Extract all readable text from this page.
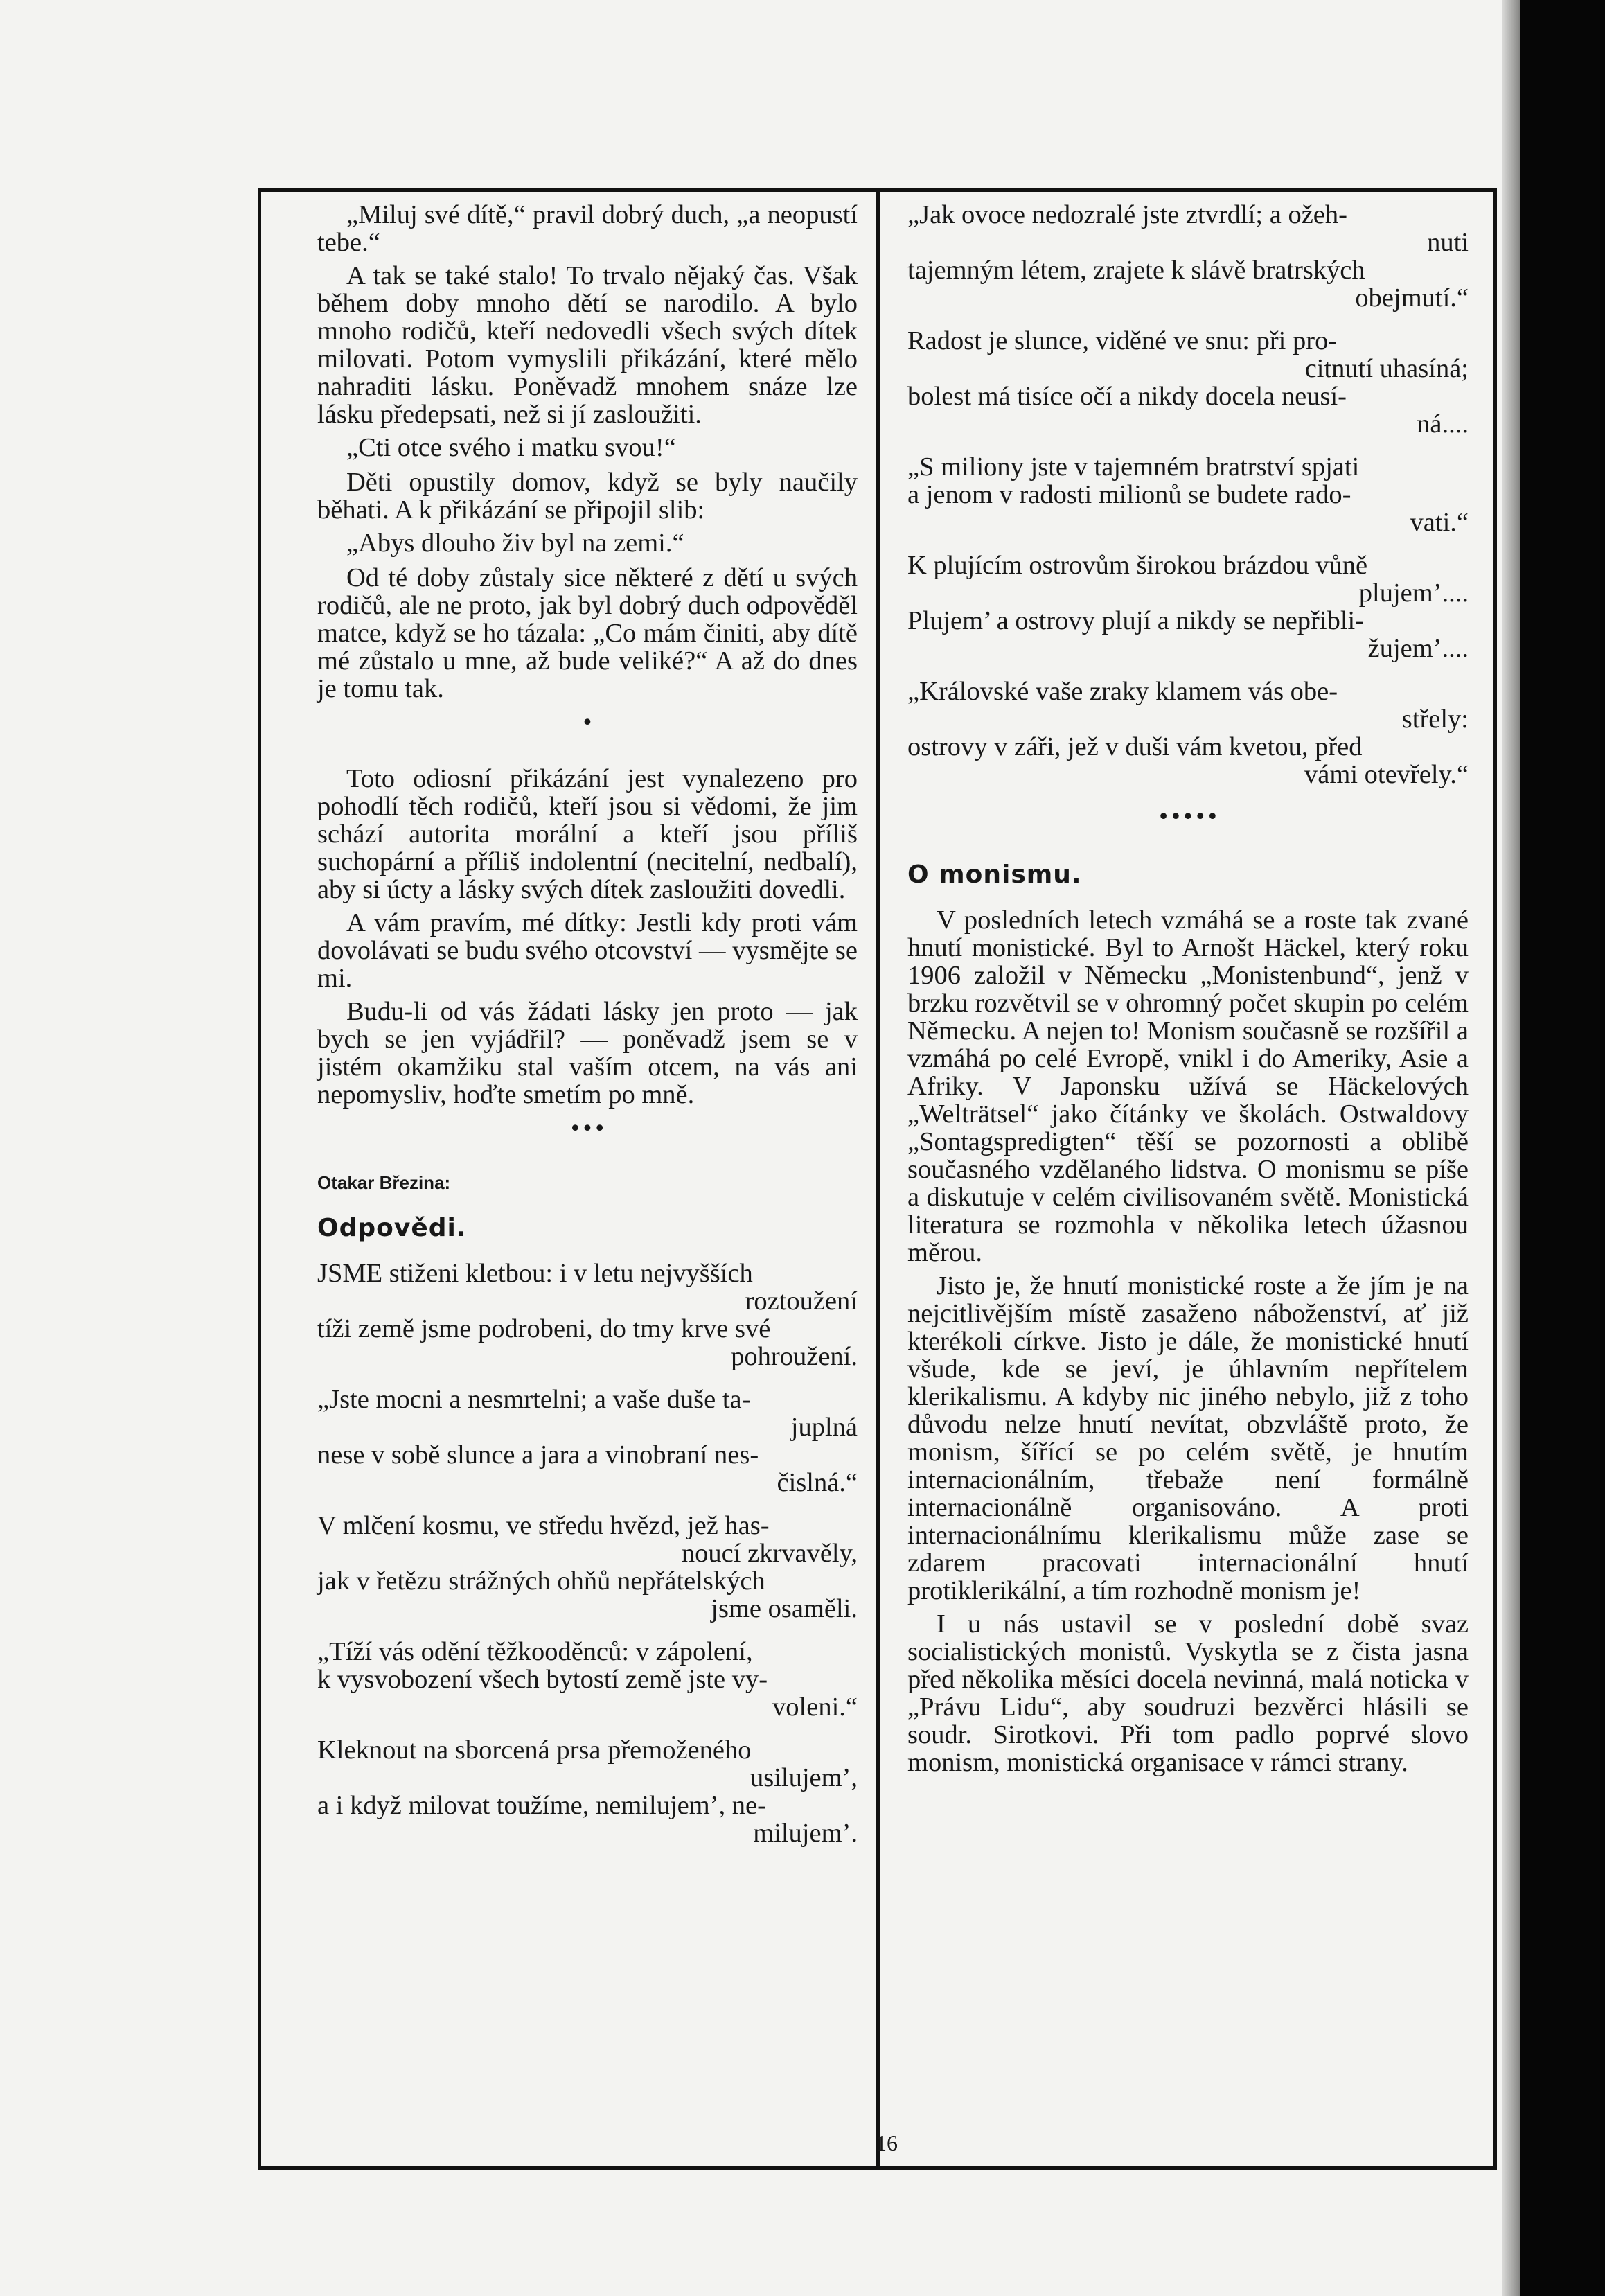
„Miluj své dítě,“ pravil dobrý duch, „a neopustí tebe.“

A tak se také stalo! To trvalo nějaký čas. Však během doby mnoho dětí se narodilo. A bylo mnoho rodičů, kteří nedovedli všech svých dítek milovati. Potom vymyslili přikázání, které mělo nahraditi lásku. Poněvadž mnohem snáze lze lásku předepsati, než si jí zasloužiti.

„Cti otce svého i matku svou!“

Děti opustily domov, když se byly naučily běhati. A k přikázání se připojil slib:

„Abys dlouho živ byl na zemi.“

Od té doby zůstaly sice některé z dětí u svých rodičů, ale ne proto, jak byl dobrý duch odpověděl matce, když se ho tázala: „Co mám činiti, aby dítě mé zůstalo u mne, až bude veliké?“ A až do dnes je tomu tak.

•

Toto odiosní přikázání jest vynalezeno pro pohodlí těch rodičů, kteří jsou si vědomi, že jim schází autorita morální a kteří jsou příliš suchopární a příliš indolentní (necitelní, nedbalí), aby si úcty a lásky svých dítek zasloužiti dovedli.

A vám pravím, mé dítky: Jestli kdy proti vám dovolávati se budu svého otcovství — vysmějte se mi.

Budu-li od vás žádati lásky jen proto — jak bych se jen vyjádřil? — poněvadž jsem se v jistém okamžiku stal vaším otcem, na vás ani nepomysliv, hoďte smetím po mně.

•••

Otakar Březina:

Odpovědi.

JSME stiženi kletbou: i v letu nejvyšších

roztoužení

tíži země jsme podrobeni, do tmy krve své

pohroužení.

„Jste mocni a nesmrtelni; a vaše duše ta-

juplná

nese v sobě slunce a jara a vinobraní nes-

čislná.“

V mlčení kosmu, ve středu hvězd, jež has-

noucí zkrvavěly,

jak v řetězu strážných ohňů nepřátelských

jsme osaměli.

„Tíží vás odění těžkooděnců: v zápolení,

k vysvobození všech bytostí země jste vy-

voleni.“

Kleknout na sborcená prsa přemoženého

usilujem’,

a i když milovat toužíme, nemilujem’, ne-

milujem’.

„Jak ovoce nedozralé jste ztvrdlí; a ožeh-

nuti

tajemným létem, zrajete k slávě bratrských

obejmutí.“

Radost je slunce, viděné ve snu: při pro-

citnutí uhasíná;

bolest má tisíce očí a nikdy docela neusí-

ná....

„S miliony jste v tajemném bratrství spjati

a jenom v radosti milionů se budete rado-

vati.“

K plujícím ostrovům širokou brázdou vůně

plujem’....

Plujem’ a ostrovy plují a nikdy se nepřibli-

žujem’....

„Královské vaše zraky klamem vás obe-

střely:

ostrovy v záři, jež v duši vám kvetou, před

vámi otevřely.“

•••••

O monismu.

V posledních letech vzmáhá se a roste tak zvané hnutí monistické. Byl to Arnošt Häckel, který roku 1906 založil v Německu „Monistenbund“, jenž v brzku rozvětvil se v ohromný počet skupin po celém Německu. A nejen to! Monism současně se rozšířil a vzmáhá po celé Evropě, vnikl i do Ameriky, Asie a Afriky. V Japonsku užívá se Häckelových „Welträtsel“ jako čítánky ve školách. Ostwaldovy „Sontagspredigten“ těší se pozornosti a oblibě současného vzdělaného lidstva. O monismu se píše a diskutuje v celém civilisovaném světě. Monistická literatura se rozmohla v několika letech úžasnou měrou.

Jisto je, že hnutí monistické roste a že jím je na nejcitlivějším místě zasaženo náboženství, ať již kterékoli církve. Jisto je dále, že monistické hnutí všude, kde se jeví, je úhlavním nepřítelem klerikalismu. A kdyby nic jiného nebylo, již z toho důvodu nelze hnutí nevítat, obzvláště proto, že monism, šířící se po celém světě, je hnutím internacionálním, třebaže není formálně internacionálně organisováno. A proti internacionálnímu klerikalismu může zase se zdarem pracovati internacionální hnutí protiklerikální, a tím rozhodně monism je!

I u nás ustavil se v poslední době svaz socialistických monistů. Vyskytla se z čista jasna před několika měsíci docela nevinná, malá noticka v „Právu Lidu“, aby soudruzi bezvěrci hlásili se soudr. Sirotkovi. Při tom padlo poprvé slovo monism, monistická organisace v rámci strany.

16
